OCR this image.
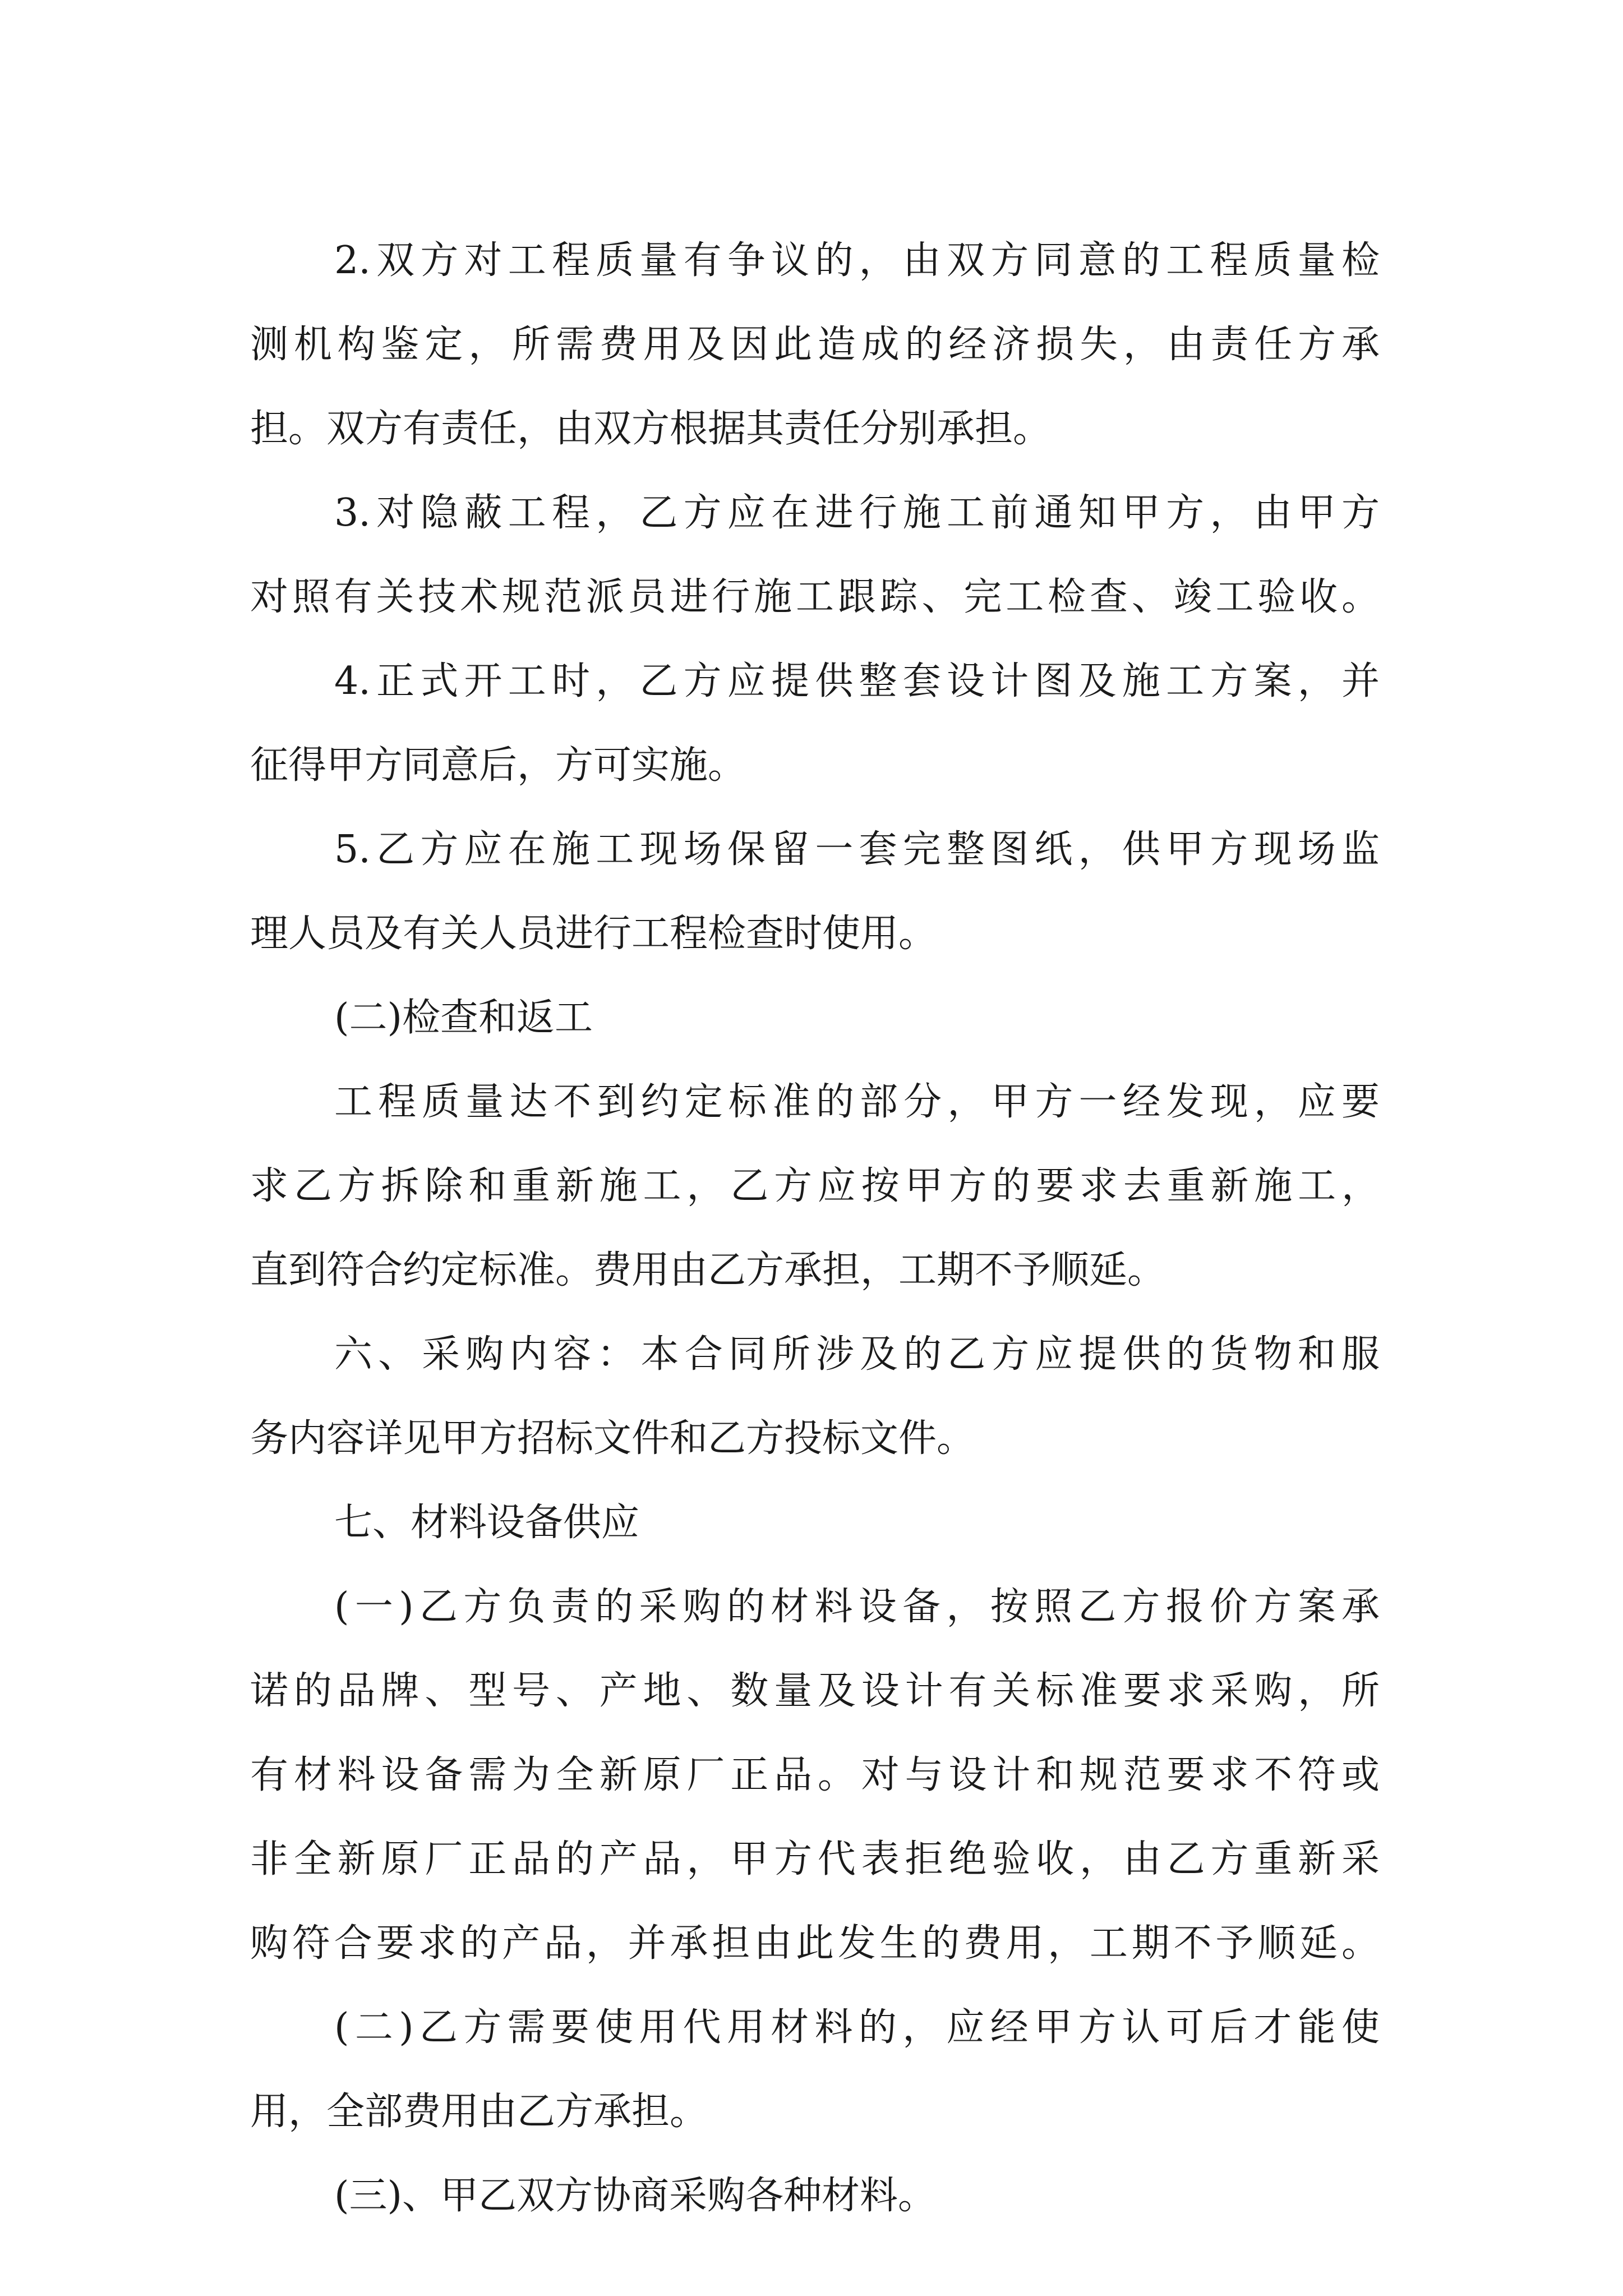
2.双方对工程质量有争议的，由双方同意的工程质量检
测机构鉴定，所需费用及因此造成的经济损失，由责任方承
担。双方有责任，由双方根据其责任分别承担。
3.对隐蔽工程，乙方应在进行施工前通知甲方，由甲方
对照有关技术规范派员进行施工跟踪、完工检查、竣工验收。
4.正式开工时，乙方应提供整套设计图及施工方案，并
征得甲方同意后，方可实施。
5.乙方应在施工现场保留一套完整图纸，供甲方现场监
理人员及有关人员进行工程检查时使用。
(二)检查和返工
工程质量达不到约定标准的部分，甲方一经发现，应要
求乙方拆除和重新施工，乙方应按甲方的要求去重新施工，
直到符合约定标准。费用由乙方承担，工期不予顺延。
六、采购内容：本合同所涉及的乙方应提供的货物和服
务内容详见甲方招标文件和乙方投标文件。
七、材料设备供应
(一)乙方负责的采购的材料设备，按照乙方报价方案承
诺的品牌、型号、产地、数量及设计有关标准要求采购，所
有材料设备需为全新原厂正品。对与设计和规范要求不符或
非全新原厂正品的产品，甲方代表拒绝验收，由乙方重新采
购符合要求的产品，并承担由此发生的费用，工期不予顺延。
(二)乙方需要使用代用材料的，应经甲方认可后才能使
用，全部费用由乙方承担。
(三)、甲乙双方协商采购各种材料。
